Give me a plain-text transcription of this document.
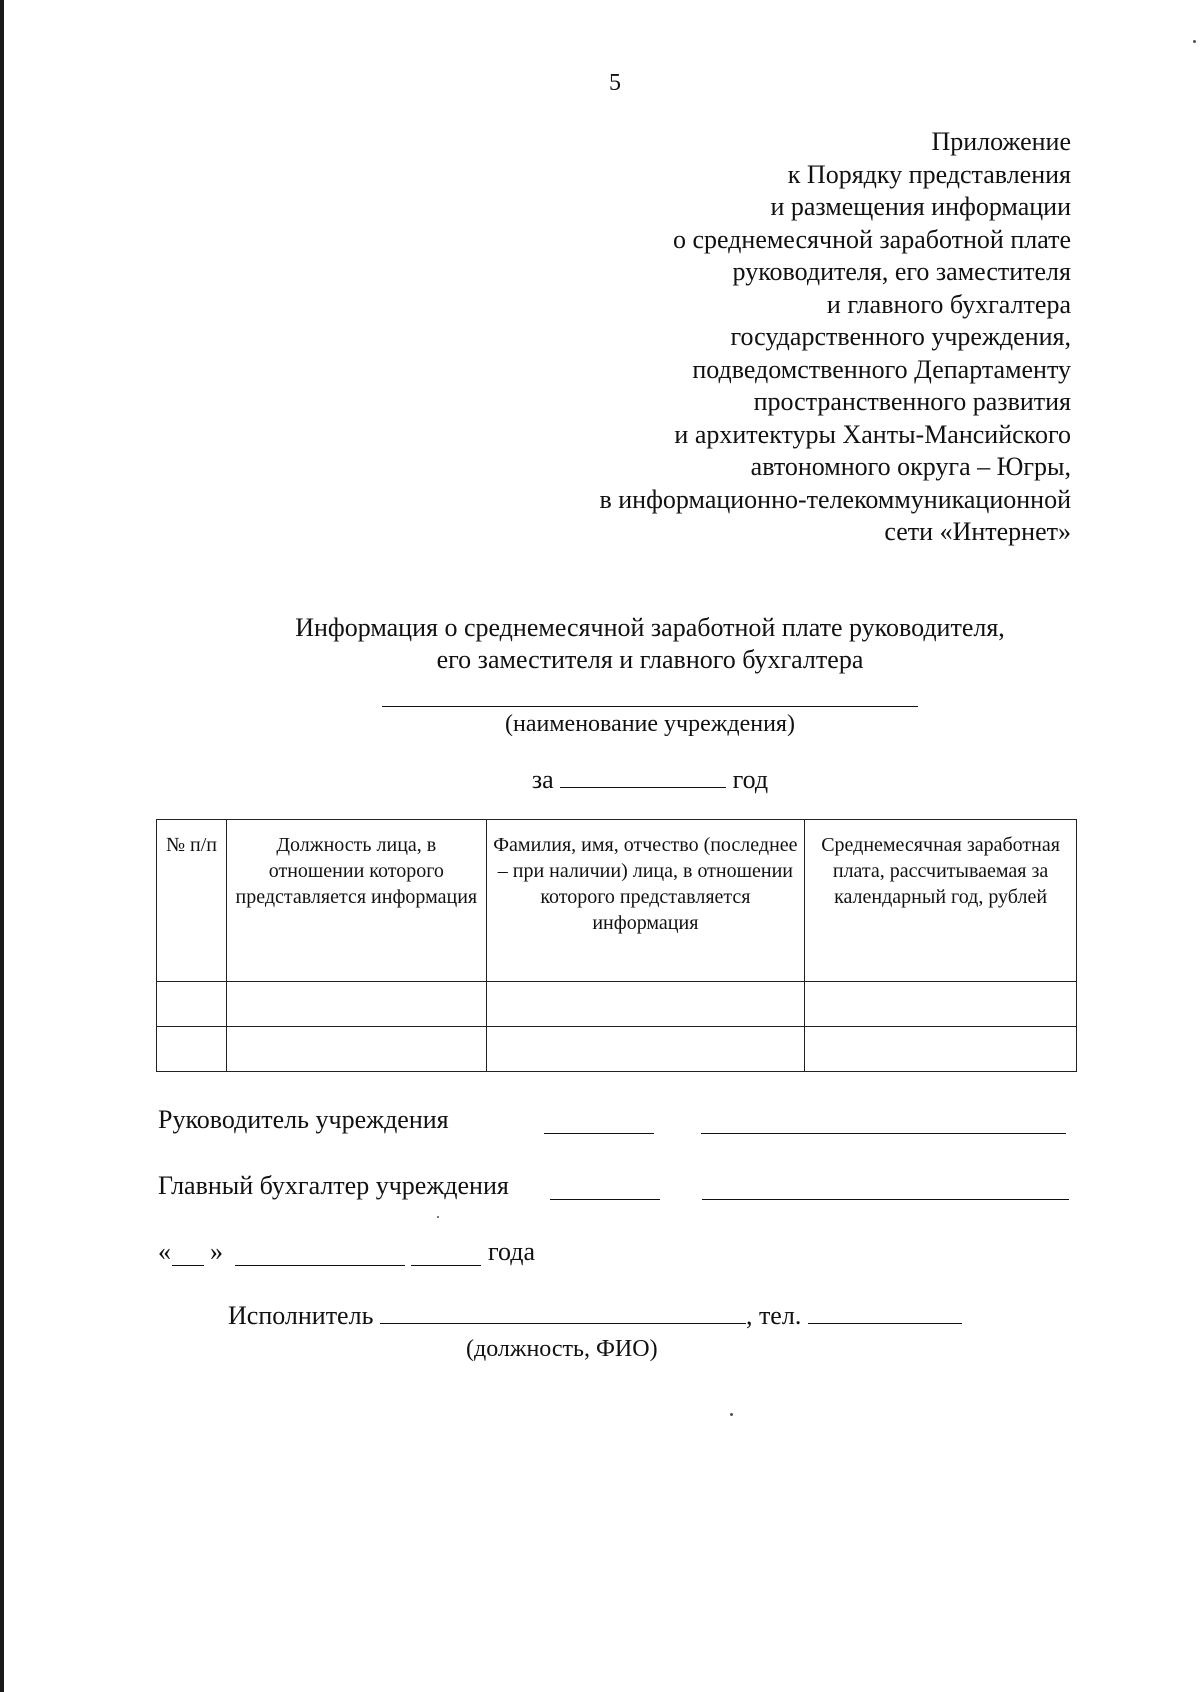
5
Приложение
к Порядку представления
и размещения информации
о среднемесячной заработной плате
руководителя, его заместителя
и главного бухгалтера
государственного учреждения,
подведомственного Департаменту
пространственного развития
и архитектуры Ханты-Мансийского
автономного округа – Югры,
в информационно-телекоммуникационной
сети «Интернет»
Информация о среднемесячной заработной плате руководителя,
его заместителя и главного бухгалтера
(наименование учреждения)
за	год
№ п/п	Должность лица, в отношении которого представляется информация	Фамилия, имя, отчество (последнее – при наличии) лица, в отношении которого представляется информация	Среднемесячная заработная плата, рассчитываемая за календарный год, рублей

Руководитель учреждения
Главный бухгалтер учреждения
« »	года
Исполнитель	, тел.
(должность, ФИО)
